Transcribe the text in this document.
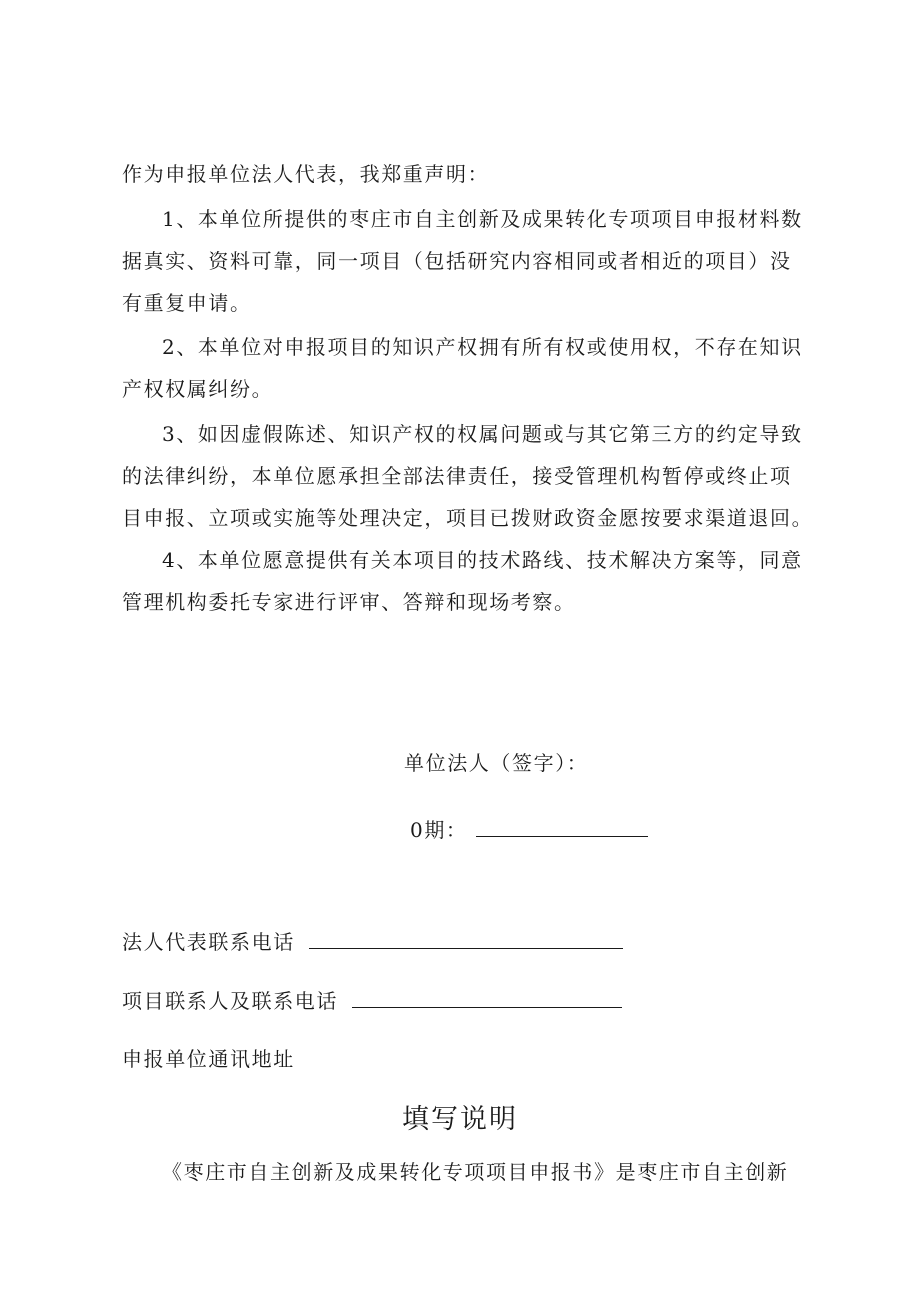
作为申报单位法人代表，我郑重声明：
1、本单位所提供的枣庄市自主创新及成果转化专项项目申报材料数
据真实、资料可靠，同一项目（包括研究内容相同或者相近的项目）没
有重复申请。
2、本单位对申报项目的知识产权拥有所有权或使用权，不存在知识
产权权属纠纷。
3、如因虚假陈述、知识产权的权属问题或与其它第三方的约定导致
的法律纠纷，本单位愿承担全部法律责任，接受管理机构暂停或终止项
目申报、立项或实施等处理决定，项目已拨财政资金愿按要求渠道退回。
4、本单位愿意提供有关本项目的技术路线、技术解决方案等，同意
管理机构委托专家进行评审、答辩和现场考察。
单位法人（签字）：
0期：
法人代表联系电话
项目联系人及联系电话
申报单位通讯地址
填写说明
《枣庄市自主创新及成果转化专项项目申报书》是枣庄市自主创新
